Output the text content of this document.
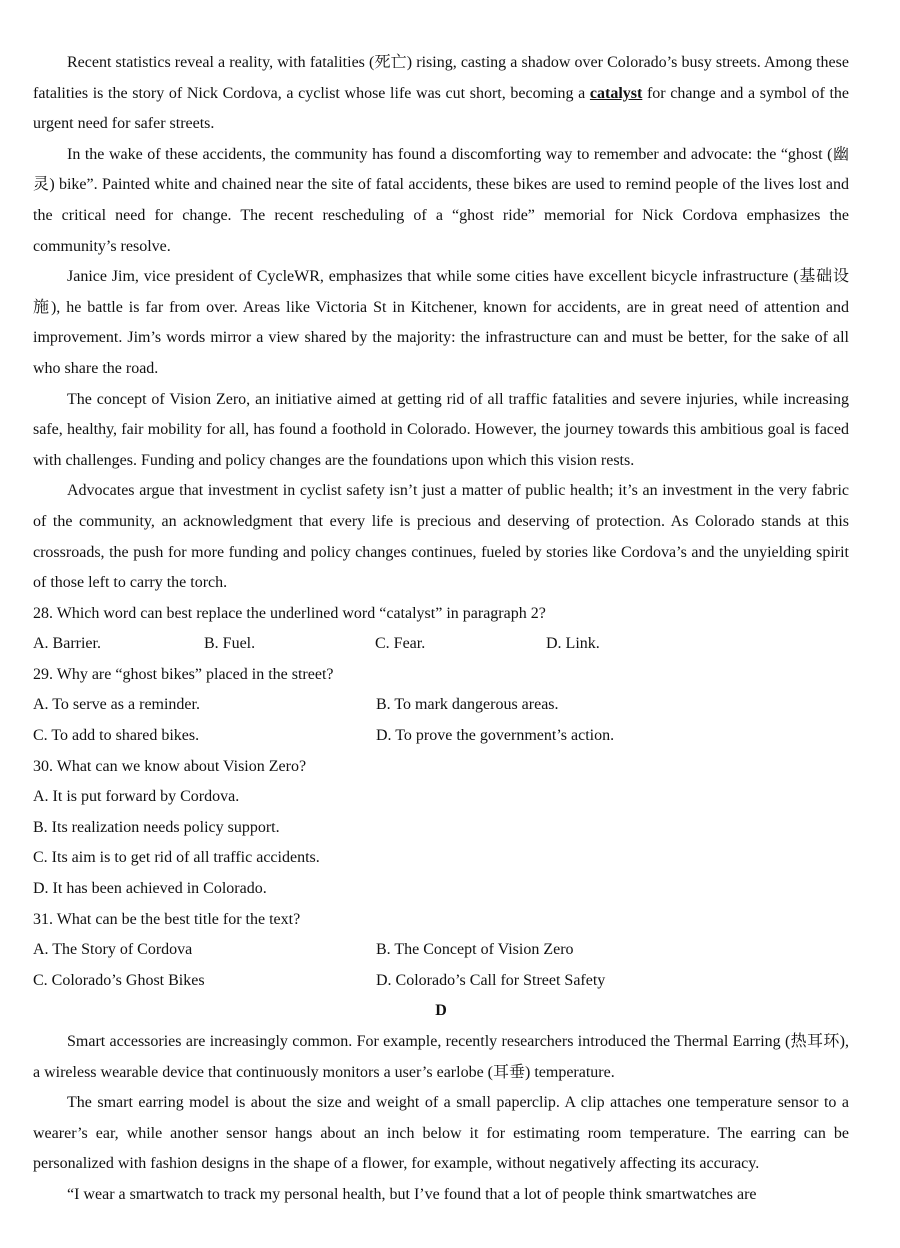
Recent statistics reveal a reality, with fatalities (死亡) rising, casting a shadow over Colorado’s busy streets. Among these fatalities is the story of Nick Cordova, a cyclist whose life was cut short, becoming a catalyst for change and a symbol of the urgent need for safer streets.

In the wake of these accidents, the community has found a discomforting way to remember and advocate: the “ghost (幽灵) bike”. Painted white and chained near the site of fatal accidents, these bikes are used to remind people of the lives lost and the critical need for change. The recent rescheduling of a “ghost ride” memorial for Nick Cordova emphasizes the community’s resolve.

Janice Jim, vice president of CycleWR, emphasizes that while some cities have excellent bicycle infrastructure (基础设施), he battle is far from over. Areas like Victoria St in Kitchener, known for accidents, are in great need of attention and improvement. Jim’s words mirror a view shared by the majority: the infrastructure can and must be better, for the sake of all who share the road.

The concept of Vision Zero, an initiative aimed at getting rid of all traffic fatalities and severe injuries, while increasing safe, healthy, fair mobility for all, has found a foothold in Colorado. However, the journey towards this ambitious goal is faced with challenges. Funding and policy changes are the foundations upon which this vision rests.

Advocates argue that investment in cyclist safety isn’t just a matter of public health; it’s an investment in the very fabric of the community, an acknowledgment that every life is precious and deserving of protection. As Colorado stands at this crossroads, the push for more funding and policy changes continues, fueled by stories like Cordova’s and the unyielding spirit of those left to carry the torch.

28. Which word can best replace the underlined word “catalyst” in paragraph 2?

A. Barrier.	B. Fuel.	C. Fear.	D. Link.

29. Why are “ghost bikes” placed in the street?

A. To serve as a reminder.	B. To mark dangerous areas.
C. To add to shared bikes.	D. To prove the government’s action.

30. What can we know about Vision Zero?

A. It is put forward by Cordova.

B. Its realization needs policy support.

C. Its aim is to get rid of all traffic accidents.

D. It has been achieved in Colorado.

31. What can be the best title for the text?

A. The Story of Cordova	B. The Concept of Vision Zero
C. Colorado’s Ghost Bikes	D. Colorado’s Call for Street Safety

D

Smart accessories are increasingly common. For example, recently researchers introduced the Thermal Earring (热耳环), a wireless wearable device that continuously monitors a user’s earlobe (耳垂) temperature.

The smart earring model is about the size and weight of a small paperclip. A clip attaches one temperature sensor to a wearer’s ear, while another sensor hangs about an inch below it for estimating room temperature. The earring can be personalized with fashion designs in the shape of a flower, for example, without negatively affecting its accuracy.

“I wear a smartwatch to track my personal health, but I’ve found that a lot of people think smartwatches are
